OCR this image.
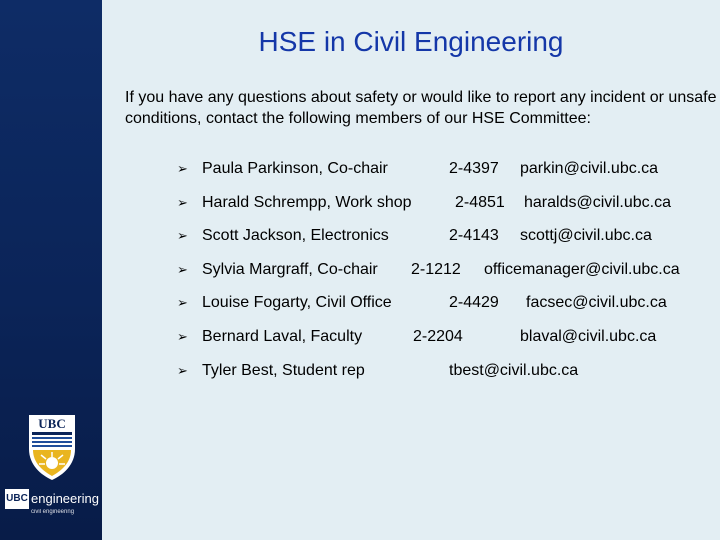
UBC
UBC engineering
civil engineering
HSE in Civil Engineering
If you have any questions about safety or would like to report any incident or unsafe conditions, contact the following members of our HSE Committee:
➢ Paula Parkinson, Co-chair	2-4397 parkin@civil.ubc.ca
➢ Harald Schrempp, Work shop	2-4851 haralds@civil.ubc.ca
➢ Scott Jackson, Electronics	2-4143 scottj@civil.ubc.ca
➢ Sylvia Margraff, Co-chair 2-1212 officemanager@civil.ubc.ca
➢ Louise Fogarty, Civil Office	2-4429 facsec@civil.ubc.ca
➢ Bernard Laval, Faculty	2-2204	blaval@civil.ubc.ca
➢ Tyler Best, Student rep	tbest@civil.ubc.ca
